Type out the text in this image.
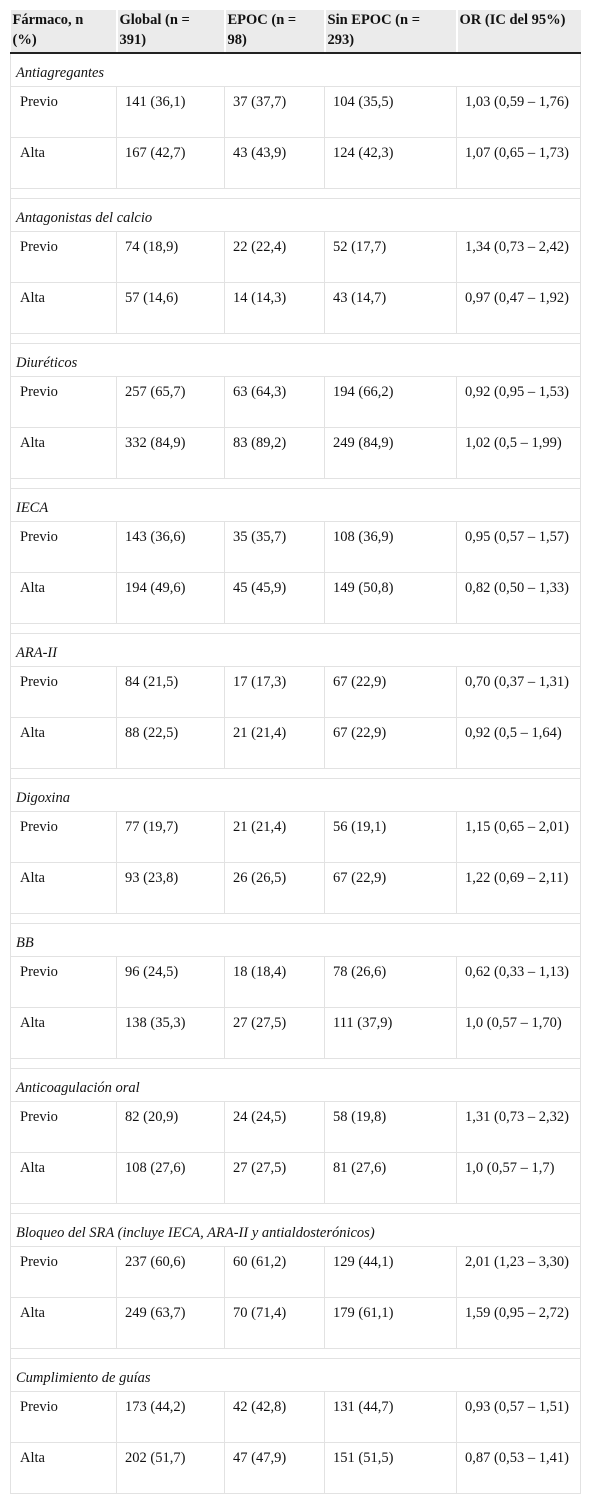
Fármaco, n (%)	Global (n = 391)	EPOC (n = 98)	Sin EPOC (n = 293)	OR (IC del 95%)
Antiagregantes				
Previo	141 (36,1)	37 (37,7)	104 (35,5)	1,03 (0,59 – 1,76)
Alta	167 (42,7)	43 (43,9)	124 (42,3)	1,07 (0,65 – 1,73)

Antagonistas del calcio				
Previo	74 (18,9)	22 (22,4)	52 (17,7)	1,34 (0,73 – 2,42)
Alta	57 (14,6)	14 (14,3)	43 (14,7)	0,97 (0,47 – 1,92)

Diuréticos				
Previo	257 (65,7)	63 (64,3)	194 (66,2)	0,92 (0,95 – 1,53)
Alta	332 (84,9)	83 (89,2)	249 (84,9)	1,02 (0,5 – 1,99)

IECA				
Previo	143 (36,6)	35 (35,7)	108 (36,9)	0,95 (0,57 – 1,57)
Alta	194 (49,6)	45 (45,9)	149 (50,8)	0,82 (0,50 – 1,33)

ARA-II				
Previo	84 (21,5)	17 (17,3)	67 (22,9)	0,70 (0,37 – 1,31)
Alta	88 (22,5)	21 (21,4)	67 (22,9)	0,92 (0,5 – 1,64)

Digoxina				
Previo	77 (19,7)	21 (21,4)	56 (19,1)	1,15 (0,65 – 2,01)
Alta	93 (23,8)	26 (26,5)	67 (22,9)	1,22 (0,69 – 2,11)

BB				
Previo	96 (24,5)	18 (18,4)	78 (26,6)	0,62 (0,33 – 1,13)
Alta	138 (35,3)	27 (27,5)	111 (37,9)	1,0 (0,57 – 1,70)

Anticoagulación oral				
Previo	82 (20,9)	24 (24,5)	58 (19,8)	1,31 (0,73 – 2,32)
Alta	108 (27,6)	27 (27,5)	81 (27,6)	1,0 (0,57 – 1,7)

Bloqueo del SRA (incluye IECA, ARA-II y antialdosterónicos)				
Previo	237 (60,6)	60 (61,2)	129 (44,1)	2,01 (1,23 – 3,30)
Alta	249 (63,7)	70 (71,4)	179 (61,1)	1,59 (0,95 – 2,72)

Cumplimiento de guías				
Previo	173 (44,2)	42 (42,8)	131 (44,7)	0,93 (0,57 – 1,51)
Alta	202 (51,7)	47 (47,9)	151 (51,5)	0,87 (0,53 – 1,41)
